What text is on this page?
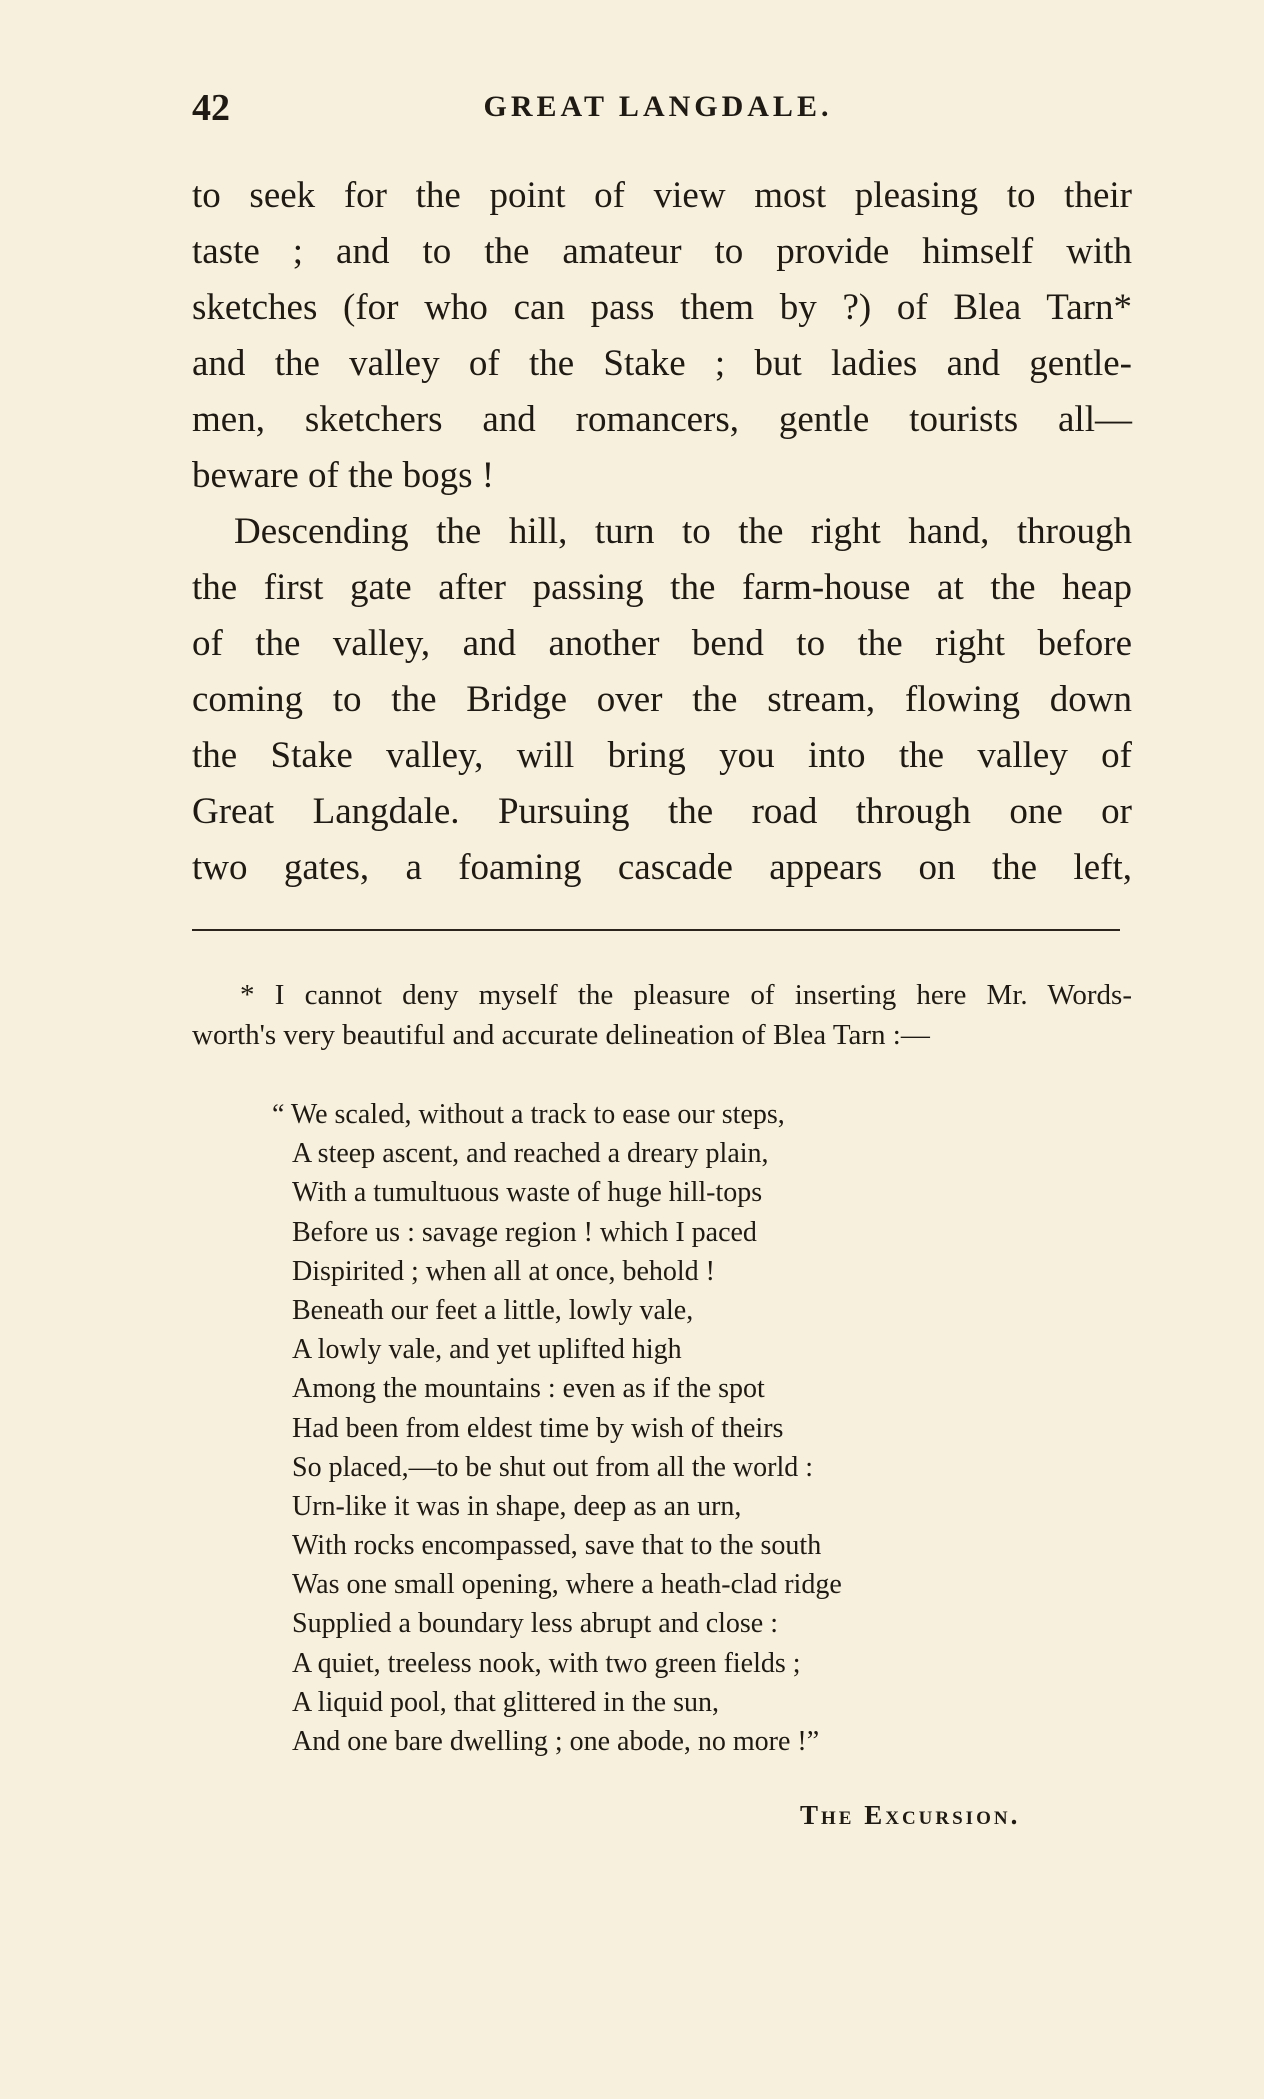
42	GREAT LANGDALE.
to seek for the point of view most pleasing to their
taste ; and to the amateur to provide himself with
sketches (for who can pass them by ?) of Blea Tarn*
and the valley of the Stake ; but ladies and gentle-
men, sketchers and romancers, gentle tourists all—
beware of the bogs !
Descending the hill, turn to the right hand, through
the first gate after passing the farm-house at the heap
of the valley, and another bend to the right before
coming to the Bridge over the stream, flowing down
the Stake valley, will bring you into the valley of
Great Langdale. Pursuing the road through one or
two gates, a foaming cascade appears on the left,
* I cannot deny myself the pleasure of inserting here Mr. Words-
worth's very beautiful and accurate delineation of Blea Tarn :—
“ We scaled, without a track to ease our steps,
A steep ascent, and reached a dreary plain,
With a tumultuous waste of huge hill-tops
Before us : savage region ! which I paced
Dispirited ; when all at once, behold !
Beneath our feet a little, lowly vale,
A lowly vale, and yet uplifted high
Among the mountains : even as if the spot
Had been from eldest time by wish of theirs
So placed,—to be shut out from all the world :
Urn-like it was in shape, deep as an urn,
With rocks encompassed, save that to the south
Was one small opening, where a heath-clad ridge
Supplied a boundary less abrupt and close :
A quiet, treeless nook, with two green fields ;
A liquid pool, that glittered in the sun,
And one bare dwelling ; one abode, no more !”
The Excursion.
